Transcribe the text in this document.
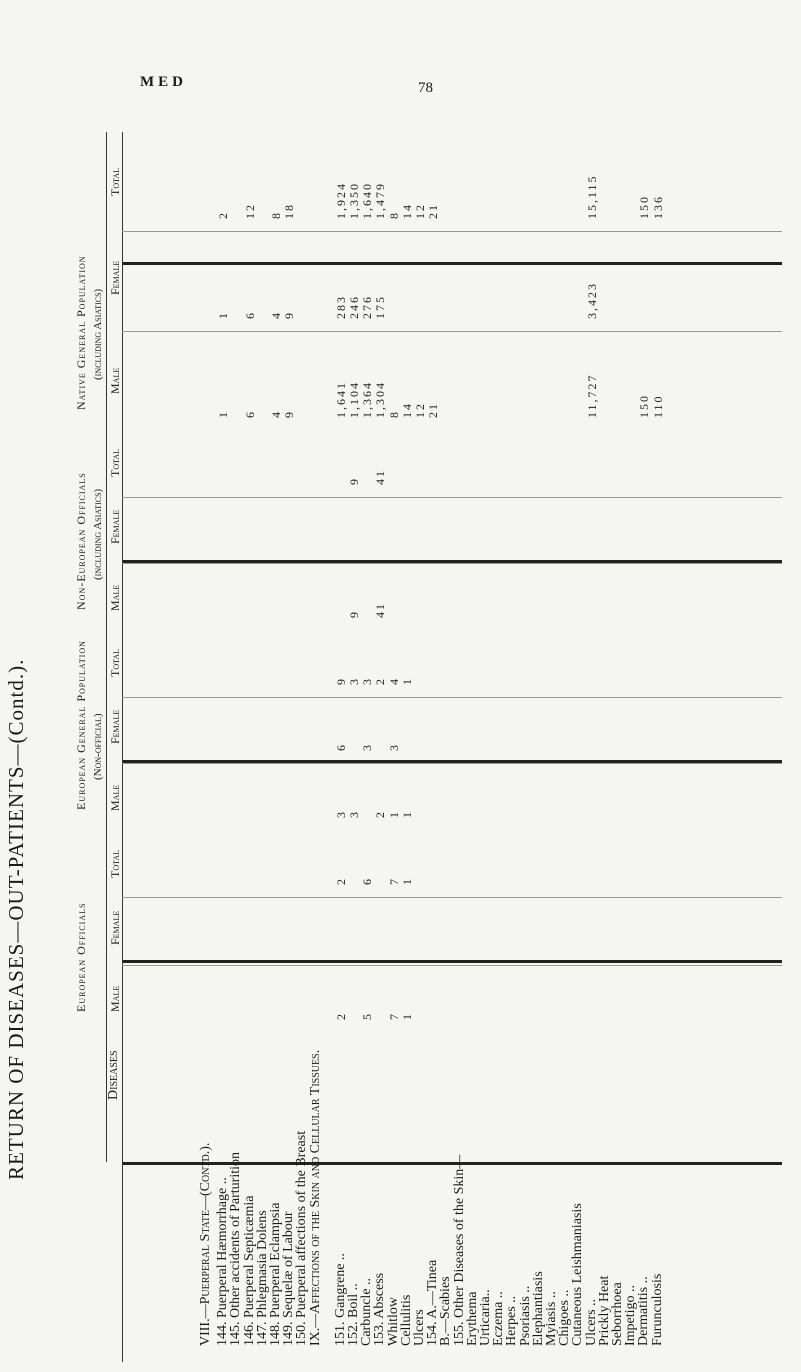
MED	78
RETURN OF DISEASES—OUT-PATIENTS—(Contd.).
Native General Population (including Asiatics)
Male
Female
Total
Non-European Officials (including Asiatics)
Male
Female
Total
European General Population (Non-official)
Male
Female
Total
European Officials Male
Female
Total
VIII.—Puerperal State—(Contd.). 144. Puerperal Hæmorrhage ..
1
1
2
145. Other accidents of Parturition
146. Puerperal Septicæmia
6
6
12
147. Phlegmasia Dolens
148. Puerperal Eclampsia
4
4
8
149. Sequelæ of Labour
9
9
18
150. Puerperal affections of the Breast
IX.—Affections of the Skin and Cellular Tissues. 151. Gangrene ..
1,641
283
1,924
3
6
9
2
2
152. Boil ..
1,104
246
1,350
9
9
3
3
Carbuncle ..
1,364
276
1,640
3
3
5
6
153. Abscess
1,304
175
1,479
41
41
2
2
Whitlow
8
8
1
3
4
7
7
Cellulitis
14
14
1
1
1
1
Ulcers
12
12
154. A.—Tinea
21
21
B.—Scabies
155. Other Diseases of the Skin—
Erythema
Urticaria..
Eczema ..
Herpes ..
Psoriasis ..
Elephantiasis
Myiasis ..
Chigoes ..
Cutaneous Leishmaniasis
Ulcers ..
11,727
3,423
15,115
Prickly Heat
Seborrhoea
Impetigo ..
Dermatitis ..
150
150
Furunculosis
110
136
Diseases
